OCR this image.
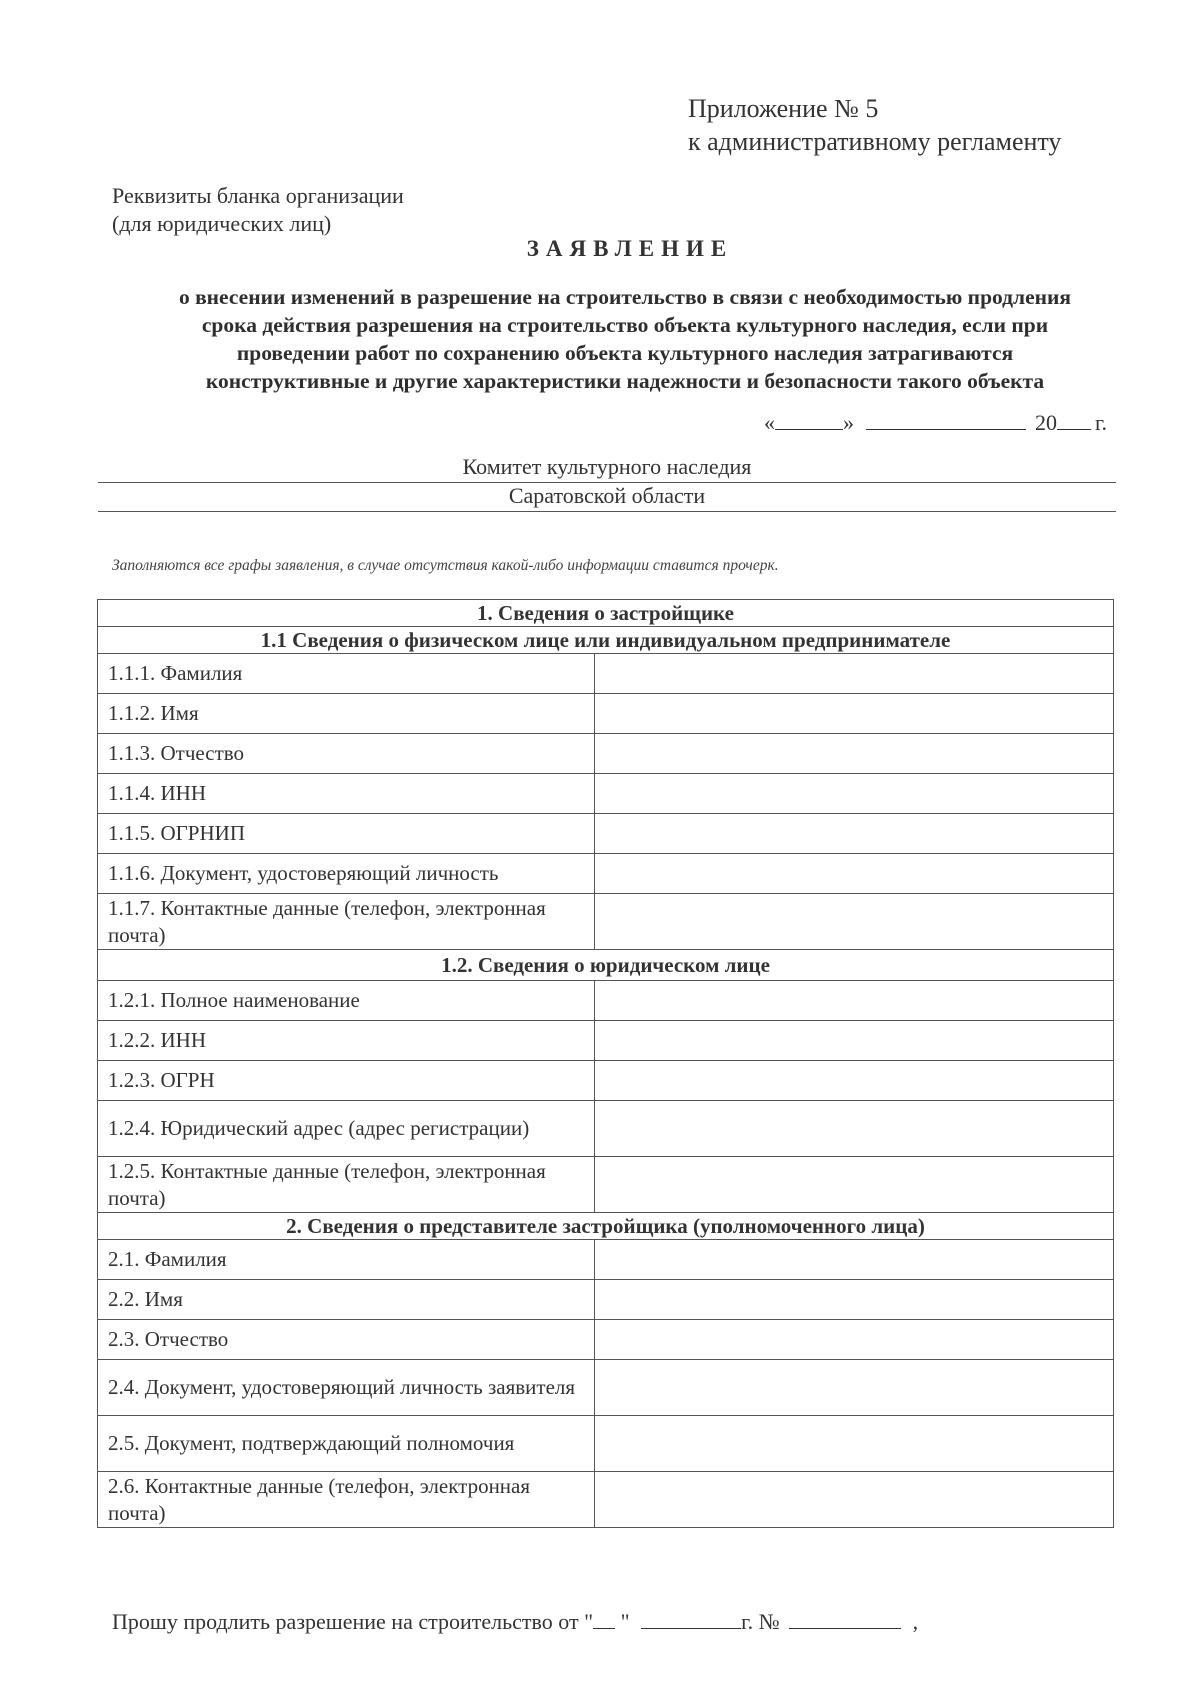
Приложение № 5
к административному регламенту
Реквизиты бланка организации
(для юридических лиц)
ЗАЯВЛЕНИЕ
о внесении изменений в разрешение на строительство в связи с необходимостью продления
срока действия разрешения на строительство объекта культурного наследия, если при
проведении работ по сохранению объекта культурного наследия затрагиваются
конструктивные и другие характеристики надежности и безопасности такого объекта
«	»	20 г.
Комитет культурного наследия
Саратовской области
Заполняются все графы заявления, в случае отсутствия какой-либо информации ставится прочерк.
1. Сведения о застройщике	
1.1 Сведения о физическом лице или индивидуальном предпринимателе	
1.1.1. Фамилия	
1.1.2. Имя	
1.1.3. Отчество	
1.1.4. ИНН	
1.1.5. ОГРНИП	
1.1.6. Документ, удостоверяющий личность	
1.1.7. Контактные данные (телефон, электронная почта)	
1.2. Сведения о юридическом лице	
1.2.1. Полное наименование	
1.2.2. ИНН	
1.2.3. ОГРН	
1.2.4. Юридический адрес (адрес регистрации)	
1.2.5. Контактные данные (телефон, электронная почта)	
2. Сведения о представителе застройщика (уполномоченного лица)	
2.1. Фамилия	
2.2. Имя	
2.3. Отчество	
2.4. Документ, удостоверяющий личность заявителя	
2.5. Документ, подтверждающий полномочия	
2.6. Контактные данные (телефон, электронная почта)	
Прошу продлить разрешение на строительство от " "	г. №	,
